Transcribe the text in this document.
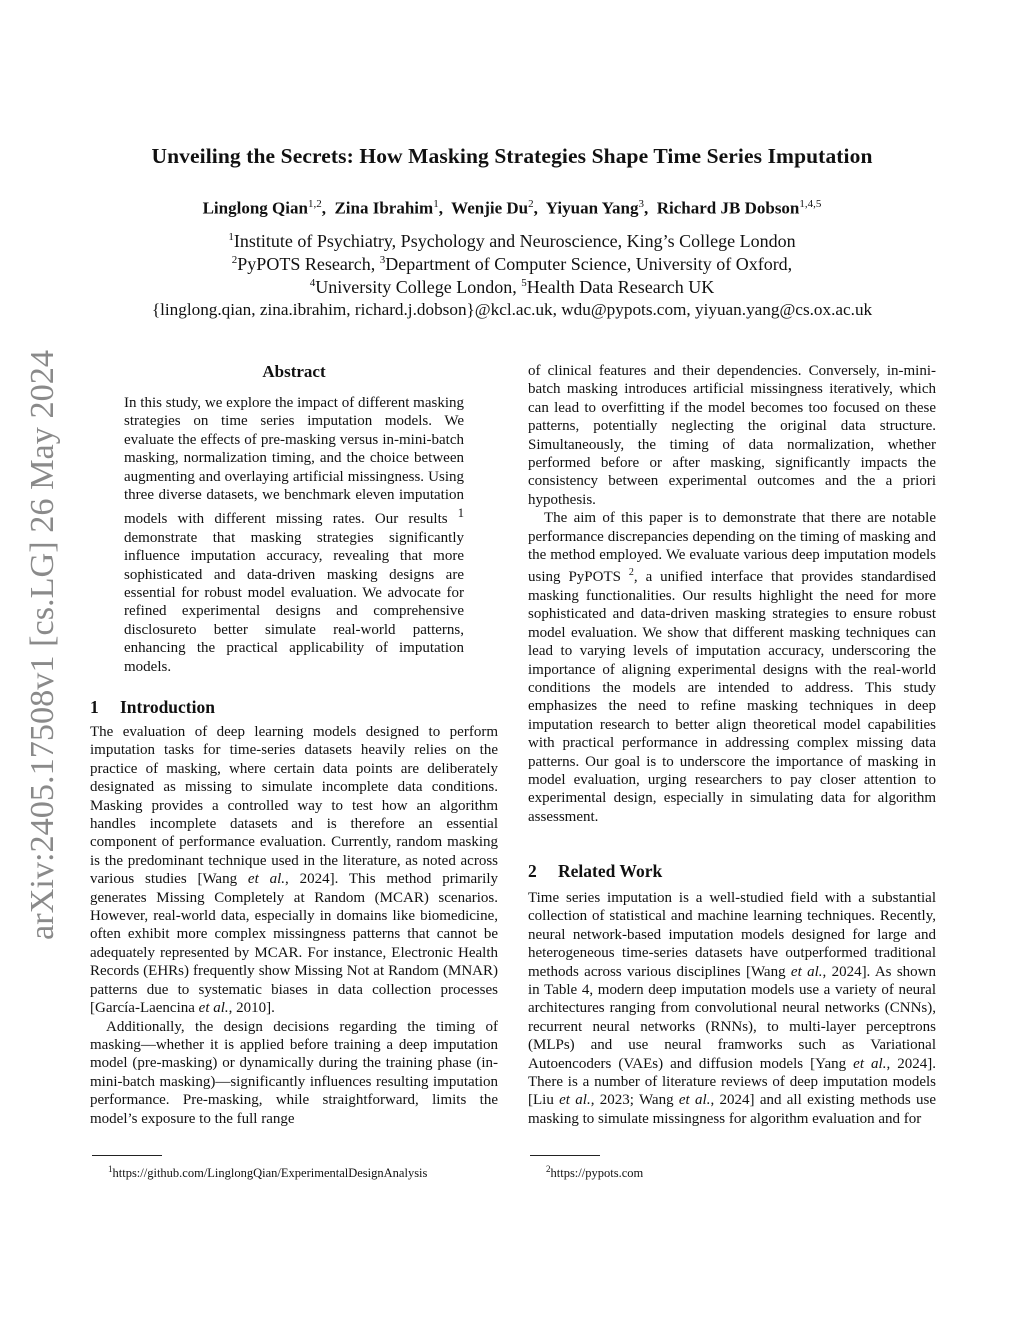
arXiv:2405.17508v1 [cs.LG] 26 May 2024
Unveiling the Secrets: How Masking Strategies Shape Time Series Imputation
Linglong Qian$^{1,2}$,  Zina Ibrahim$^1$,  Wenjie Du$^2$,  Yiyuan Yang$^3$,  Richard JB Dobson$^{1,4,5}$
$^1$Institute of Psychiatry, Psychology and Neuroscience, King’s College London
$^2$PyPOTS Research, $^3$Department of Computer Science, University of Oxford,
$^4$University College London, $^5$Health Data Research UK
{linglong.qian, zina.ibrahim, richard.j.dobson}@kcl.ac.uk, wdu@pypots.com, yiyuan.yang@cs.ox.ac.uk
Abstract
In this study, we explore the impact of different masking strategies on time series imputation models. We evaluate the effects of pre-masking versus in-mini-batch masking, normalization timing, and the choice between augmenting and overlaying artificial missingness. Using three diverse datasets, we benchmark eleven imputation models with different missing rates. Our results $^1$ demonstrate that masking strategies significantly influence imputation accuracy, revealing that more sophisticated and data-driven masking designs are essential for robust model evaluation. We advocate for refined experimental designs and comprehensive disclosureto better simulate real-world patterns, enhancing the practical applicability of imputation models.
1 Introduction

The evaluation of deep learning models designed to perform imputation tasks for time-series datasets heavily relies on the practice of masking, where certain data points are deliberately designated as missing to simulate incomplete data conditions. Masking provides a controlled way to test how an algorithm handles incomplete datasets and is therefore an essential component of performance evaluation. Currently, random masking is the predominant technique used in the literature, as noted across various studies [Wang et al., 2024]. This method primarily generates Missing Completely at Random (MCAR) scenarios. However, real-world data, especially in domains like biomedicine, often exhibit more complex missingness patterns that cannot be adequately represented by MCAR. For instance, Electronic Health Records (EHRs) frequently show Missing Not at Random (MNAR) patterns due to systematic biases in data collection processes [García-Laencina et al., 2010].

Additionally, the design decisions regarding the timing of masking—whether it is applied before training a deep imputation model (pre-masking) or dynamically during the training phase (in-mini-batch masking)—significantly influences resulting imputation performance. Pre-masking, while straightforward, limits the model’s exposure to the full range

$^1$https://github.com/LinglongQian/ExperimentalDesignAnalysis

of clinical features and their dependencies. Conversely, in-mini-batch masking introduces artificial missingness iteratively, which can lead to overfitting if the model becomes too focused on these patterns, potentially neglecting the original data structure. Simultaneously, the timing of data normalization, whether performed before or after masking, significantly impacts the consistency between experimental outcomes and the a priori hypothesis.

The aim of this paper is to demonstrate that there are notable performance discrepancies depending on the timing of masking and the method employed. We evaluate various deep imputation models using PyPOTS $^2$, a unified interface that provides standardised masking functionalities. Our results highlight the need for more sophisticated and data-driven masking strategies to ensure robust model evaluation. We show that different masking techniques can lead to varying levels of imputation accuracy, underscoring the importance of aligning experimental designs with the real-world conditions the models are intended to address. This study emphasizes the need to refine masking techniques in deep imputation research to better align theoretical model capabilities with practical performance in addressing complex missing data patterns. Our goal is to underscore the importance of masking in model evaluation, urging researchers to pay closer attention to experimental design, especially in simulating data for algorithm assessment.

2 Related Work

Time series imputation is a well-studied field with a substantial collection of statistical and machine learning techniques. Recently, neural network-based imputation models designed for large and heterogeneous time-series datasets have outperformed traditional methods across various disciplines [Wang et al., 2024]. As shown in Table 4, modern deep imputation models use a variety of neural architectures ranging from convolutional neural networks (CNNs), recurrent neural networks (RNNs), to multi-layer perceptrons (MLPs) and use neural framworks such as Variational Autoencoders (VAEs) and diffusion models [Yang et al., 2024]. There is a number of literature reviews of deep imputation models [Liu et al., 2023; Wang et al., 2024] and all existing methods use masking to simulate missingness for algorithm evaluation and for

$^2$https://pypots.com
